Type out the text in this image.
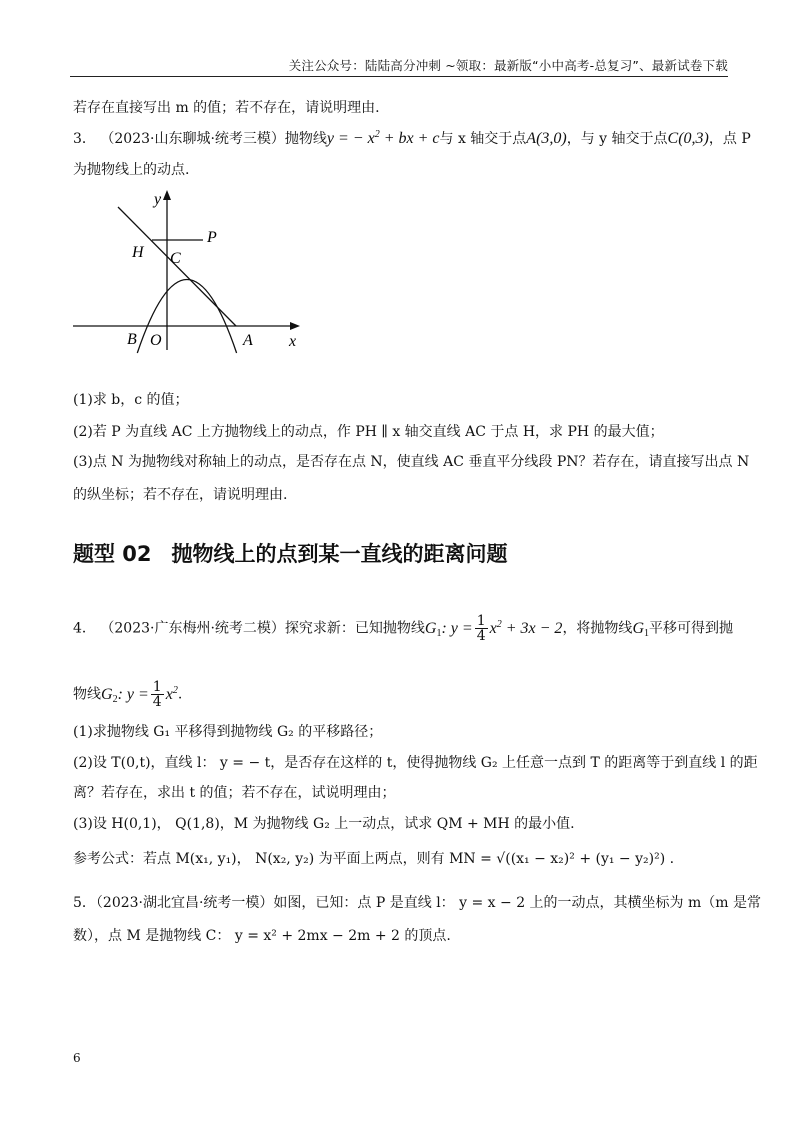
关注公众号：陆陆高分冲刺 ~领取：最新版“小中高考-总复习”、最新试卷下载
若存在直接写出 m 的值；若不存在，请说明理由.
3． （2023·山东聊城·统考三模）抛物线y = − $x^2$ + bx + c与 x 轴交于点A(3,0)，与 y 轴交于点C(0,3)，点 P
为抛物线上的动点.
y
x
H C
P
B O	A
(1)求 b，c 的值；
(2)若 P 为直线 AC 上方抛物线上的动点，作 PH ∥ x 轴交直线 AC 于点 H，求 PH 的最大值；
(3)点 N 为抛物线对称轴上的动点，是否存在点 N，使直线 AC 垂直平分线段 PN？若存在，请直接写出点 N
的纵坐标；若不存在，请说明理由.
题型 02 抛物线上的点到某一直线的距离问题
4． （2023·广东梅州·统考二模）探究求新：已知抛物线$G_1$: $y = \frac{1}{4} x^2 + 3x - 2$，将抛物线$G_1$平移可得到抛
物线$G_2$: $y = \frac{1}{4} x^2$.
(1)求抛物线 G₁ 平移得到抛物线 G₂ 的平移路径；
(2)设 T(0,t)，直线 l： y = − t，是否存在这样的 t，使得抛物线 G₂ 上任意一点到 T 的距离等于到直线 l 的距
离？若存在，求出 t 的值；若不存在，试说明理由；
(3)设 H(0,1)， Q(1,8)，M 为抛物线 G₂ 上一动点，试求 QM + MH 的最小值.
参考公式：若点 M(x₁, y₁)， N(x₂, y₂) 为平面上两点，则有 MN = √((x₁ − x₂)² + (y₁ − y₂)²) .
5．（2023·湖北宜昌·统考一模）如图，已知：点 P 是直线 l： y = x − 2 上的一动点，其横坐标为 m（m 是常
数），点 M 是抛物线 C： y = x² + 2mx − 2m + 2 的顶点.
6
